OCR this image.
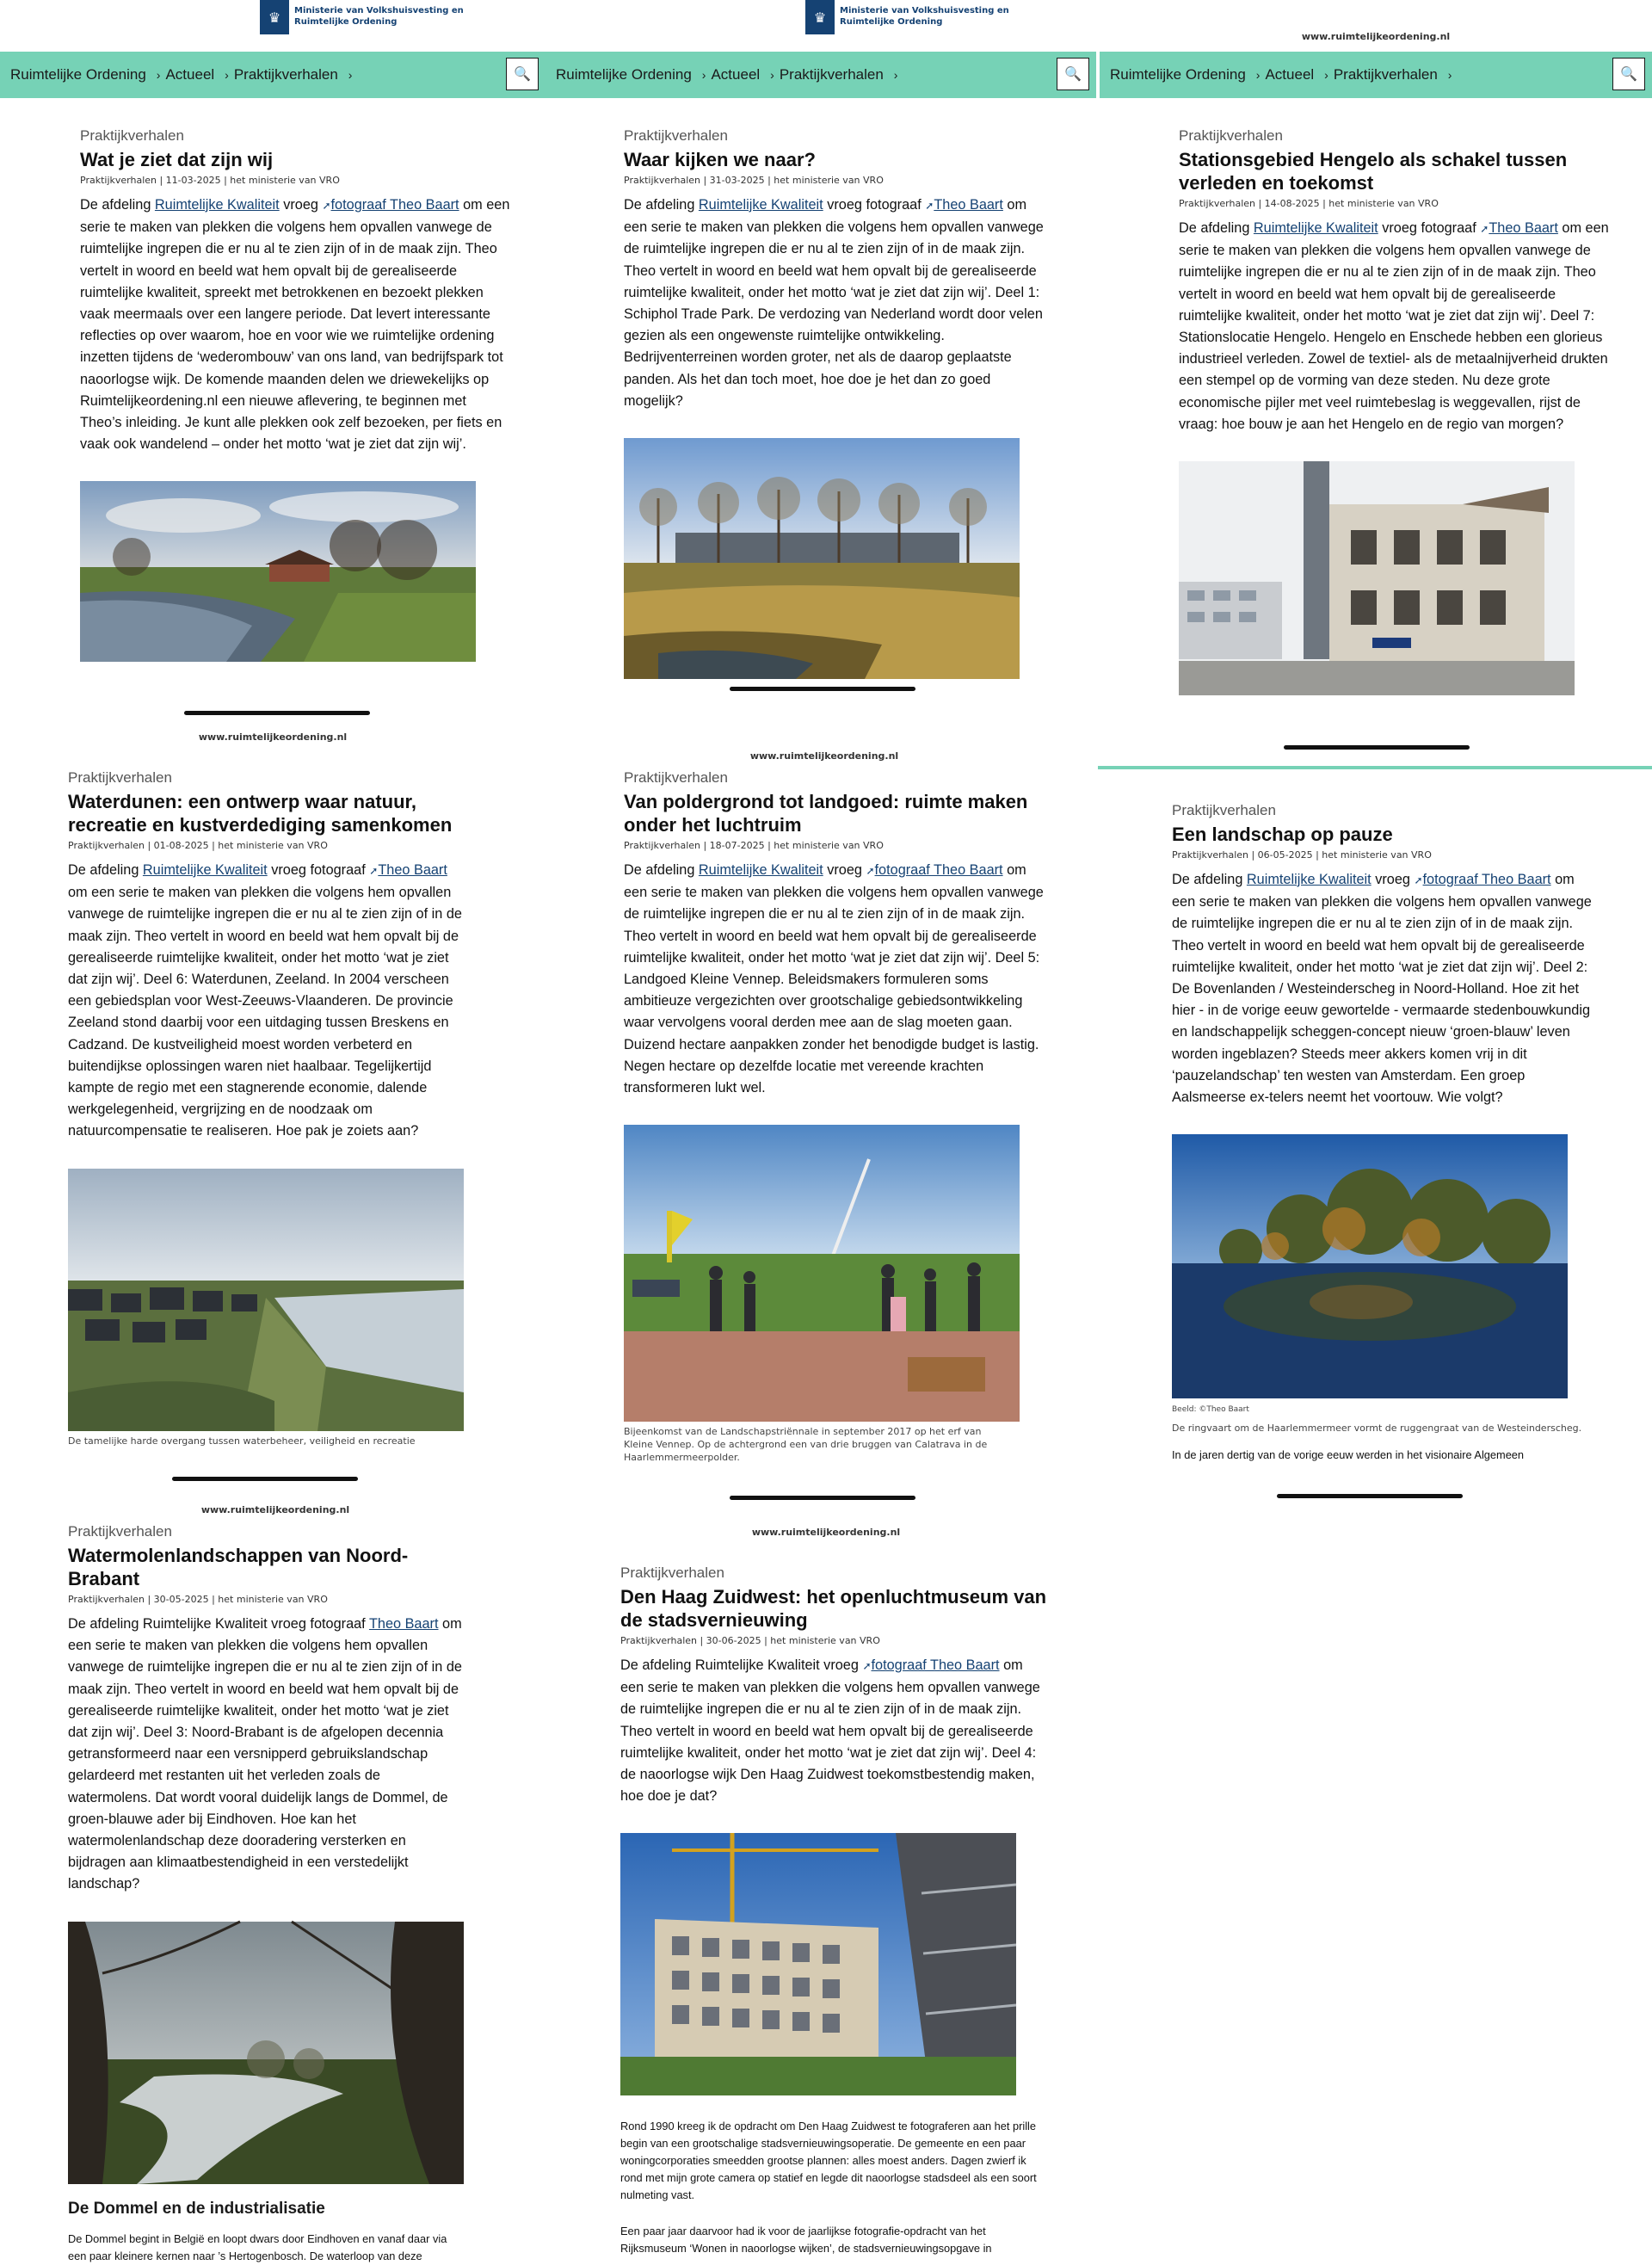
♛	Ministerie van Volkshuisvesting en Ruimtelijke Ordening
Ruimtelijke Ordening › Actueel › Praktijkverhalen ›	🔍
Praktijkverhalen
Wat je ziet dat zijn wij
Praktijkverhalen | 11-03-2025 | het ministerie van VRO
De afdeling Ruimtelijke Kwaliteit vroeg ➚fotograaf Theo Baart om een serie te maken van plekken die volgens hem opvallen vanwege de ruimtelijke ingrepen die er nu al te zien zijn of in de maak zijn. Theo vertelt in woord en beeld wat hem opvalt bij de gerealiseerde ruimtelijke kwaliteit, spreekt met betrokkenen en bezoekt plekken vaak meermaals over een langere periode. Dat levert interessante reflecties op over waarom, hoe en voor wie we ruimtelijke ordening inzetten tijdens de ‘wederombouw’ van ons land, van bedrijfspark tot naoorlogse wijk. De komende maanden delen we driewekelijks op Ruimtelijkeordening.nl een nieuwe aflevering, te beginnen met Theo’s inleiding. Je kunt alle plekken ook zelf bezoeken, per fiets en vaak ook wandelend – onder het motto ‘wat je ziet dat zijn wij’.
♛	Ministerie van Volkshuisvesting en Ruimtelijke Ordening
Ruimtelijke Ordening › Actueel › Praktijkverhalen ›	🔍
Praktijkverhalen
Waar kijken we naar?
Praktijkverhalen | 31-03-2025 | het ministerie van VRO
De afdeling Ruimtelijke Kwaliteit vroeg fotograaf ➚Theo Baart om een serie te maken van plekken die volgens hem opvallen vanwege de ruimtelijke ingrepen die er nu al te zien zijn of in de maak zijn. Theo vertelt in woord en beeld wat hem opvalt bij de gerealiseerde ruimtelijke kwaliteit, onder het motto ‘wat je ziet dat zijn wij’. Deel 1: Schiphol Trade Park. De verdozing van Nederland wordt door velen gezien als een ongewenste ruimtelijke ontwikkeling. Bedrijventerreinen worden groter, net als de daarop geplaatste panden. Als het dan toch moet, hoe doe je het dan zo goed mogelijk?
www.ruimtelijkeordening.nl
Ruimtelijke Ordening › Actueel › Praktijkverhalen ›	🔍
Praktijkverhalen
Stationsgebied Hengelo als schakel tussen verleden en toekomst
Praktijkverhalen | 14-08-2025 | het ministerie van VRO
De afdeling Ruimtelijke Kwaliteit vroeg fotograaf ➚Theo Baart om een serie te maken van plekken die volgens hem opvallen vanwege de ruimtelijke ingrepen die er nu al te zien zijn of in de maak zijn. Theo vertelt in woord en beeld wat hem opvalt bij de gerealiseerde ruimtelijke kwaliteit, onder het motto ‘wat je ziet dat zijn wij’. Deel 7: Stationslocatie Hengelo. Hengelo en Enschede hebben een glorieus industrieel verleden. Zowel de textiel- als de metaalnijverheid drukten een stempel op de vorming van deze steden. Nu deze grote economische pijler met veel ruimtebeslag is weggevallen, rijst de vraag: hoe bouw je aan het Hengelo en de regio van morgen?
www.ruimtelijkeordening.nl
Praktijkverhalen
Waterdunen: een ontwerp waar natuur, recreatie en kustverdediging samenkomen
Praktijkverhalen | 01-08-2025 | het ministerie van VRO
De afdeling Ruimtelijke Kwaliteit vroeg fotograaf ➚Theo Baart om een serie te maken van plekken die volgens hem opvallen vanwege de ruimtelijke ingrepen die er nu al te zien zijn of in de maak zijn. Theo vertelt in woord en beeld wat hem opvalt bij de gerealiseerde ruimtelijke kwaliteit, onder het motto ‘wat je ziet dat zijn wij’. Deel 6: Waterdunen, Zeeland. In 2004 verscheen een gebiedsplan voor West-Zeeuws-Vlaanderen. De provincie Zeeland stond daarbij voor een uitdaging tussen Breskens en Cadzand. De kustveiligheid moest worden verbeterd en buitendijkse oplossingen waren niet haalbaar. Tegelijkertijd kampte de regio met een stagnerende economie, dalende werkgelegenheid, vergrijzing en de noodzaak om natuurcompensatie te realiseren. Hoe pak je zoiets aan?
De tamelijke harde overgang tussen waterbeheer, veiligheid en recreatie
www.ruimtelijkeordening.nl
Praktijkverhalen
Van poldergrond tot landgoed: ruimte maken onder het luchtruim
Praktijkverhalen | 18-07-2025 | het ministerie van VRO
De afdeling Ruimtelijke Kwaliteit vroeg ➚fotograaf Theo Baart om een serie te maken van plekken die volgens hem opvallen vanwege de ruimtelijke ingrepen die er nu al te zien zijn of in de maak zijn. Theo vertelt in woord en beeld wat hem opvalt bij de gerealiseerde ruimtelijke kwaliteit, onder het motto ‘wat je ziet dat zijn wij’. Deel 5: Landgoed Kleine Vennep. Beleidsmakers formuleren soms ambitieuze vergezichten over grootschalige gebiedsontwikkeling waar vervolgens vooral derden mee aan de slag moeten gaan. Duizend hectare aanpakken zonder het benodigde budget is lastig. Negen hectare op dezelfde locatie met vereende krachten transformeren lukt wel.
Bijeenkomst van de Landschapstriënnale in september 2017 op het erf van Kleine Vennep. Op de achtergrond een van drie bruggen van Calatrava in de Haarlemmermeerpolder.
Praktijkverhalen
Een landschap op pauze
Praktijkverhalen | 06-05-2025 | het ministerie van VRO
De afdeling Ruimtelijke Kwaliteit vroeg ➚fotograaf Theo Baart om een serie te maken van plekken die volgens hem opvallen vanwege de ruimtelijke ingrepen die er nu al te zien zijn of in de maak zijn. Theo vertelt in woord en beeld wat hem opvalt bij de gerealiseerde ruimtelijke kwaliteit, onder het motto ‘wat je ziet dat zijn wij’. Deel 2: De Bovenlanden / Westeinderscheg in Noord-Holland. Hoe zit het hier - in de vorige eeuw gewortelde - vermaarde stedenbouwkundig en landschappelijk scheggen-concept nieuw ‘groen-blauw’ leven worden ingeblazen? Steeds meer akkers komen vrij in dit ‘pauzelandschap’ ten westen van Amsterdam. Een groep Aalsmeerse ex-telers neemt het voortouw. Wie volgt?
Beeld: ©Theo Baart
De ringvaart om de Haarlemmermeer vormt de ruggengraat van de Westeinderscheg.
In de jaren dertig van de vorige eeuw werden in het visionaire Algemeen
www.ruimtelijkeordening.nl
Praktijkverhalen
Watermolenlandschappen van Noord-Brabant
Praktijkverhalen | 30-05-2025 | het ministerie van VRO
De afdeling Ruimtelijke Kwaliteit vroeg fotograaf Theo Baart om een serie te maken van plekken die volgens hem opvallen vanwege de ruimtelijke ingrepen die er nu al te zien zijn of in de maak zijn. Theo vertelt in woord en beeld wat hem opvalt bij de gerealiseerde ruimtelijke kwaliteit, onder het motto ‘wat je ziet dat zijn wij’. Deel 3: Noord-Brabant is de afgelopen decennia getransformeerd naar een versnipperd gebruikslandschap gelardeerd met restanten uit het verleden zoals de watermolens. Dat wordt vooral duidelijk langs de Dommel, de groen-blauwe ader bij Eindhoven. Hoe kan het watermolenlandschap deze dooradering versterken en bijdragen aan klimaatbestendigheid in een verstedelijkt landschap?
De Dommel en de industrialisatie
De Dommel begint in België en loopt dwars door Eindhoven en vanaf daar via een paar kleinere kernen naar ’s Hertogenbosch. De waterloop van deze
www.ruimtelijkeordening.nl
Praktijkverhalen
Den Haag Zuidwest: het openluchtmuseum van de stadsvernieuwing
Praktijkverhalen | 30-06-2025 | het ministerie van VRO
De afdeling Ruimtelijke Kwaliteit vroeg ➚fotograaf Theo Baart om een serie te maken van plekken die volgens hem opvallen vanwege de ruimtelijke ingrepen die er nu al te zien zijn of in de maak zijn. Theo vertelt in woord en beeld wat hem opvalt bij de gerealiseerde ruimtelijke kwaliteit, onder het motto ‘wat je ziet dat zijn wij’. Deel 4: de naoorlogse wijk Den Haag Zuidwest toekomstbestendig maken, hoe doe je dat?
Rond 1990 kreeg ik de opdracht om Den Haag Zuidwest te fotograferen aan het prille begin van een grootschalige stadsvernieuwingsoperatie. De gemeente en een paar woningcorporaties smeedden grootse plannen: alles moest anders. Dagen zwierf ik rond met mijn grote camera op statief en legde dit naoorlogse stadsdeel als een soort nulmeting vast.
Een paar jaar daarvoor had ik voor de jaarlijkse fotografie-opdracht van het Rijksmuseum ‘Wonen in naoorlogse wijken’, de stadsvernieuwingsopgave in
